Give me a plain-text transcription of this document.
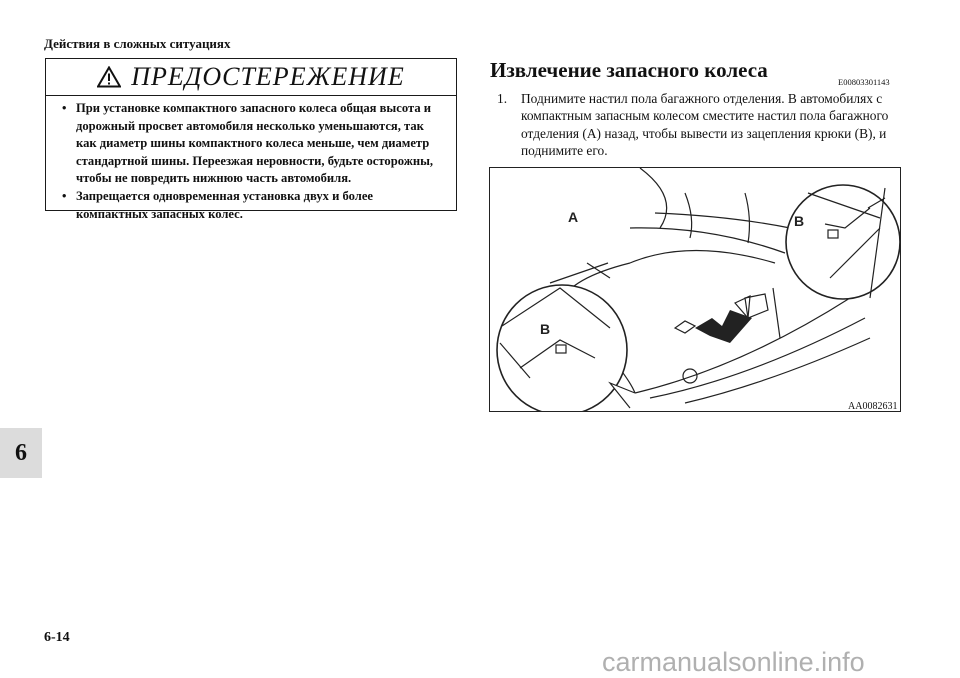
Действия в сложных ситуациях
ПРЕДОСТЕРЕЖЕНИЕ
• При установке компактного запасного колеса общая высота и дорожный просвет автомобиля несколько уменьшаются, так как диаметр шины компактного колеса меньше, чем диаметр стандартной шины. Переезжая неровности, будьте осторожны, чтобы не повредить нижнюю часть автомобиля.
• Запрещается одновременная установка двух и более компактных запасных колес.
Извлечение запасного колеса	E00803301143
1. Поднимите настил пола багажного отделения. В автомобилях с компактным запасным колесом сместите настил пола багажного отделения (А) назад, чтобы вывести из зацепления крюки (В), и поднимите его.
A	B
B
AA0082631
6
6-14
carmanualsonline.info
